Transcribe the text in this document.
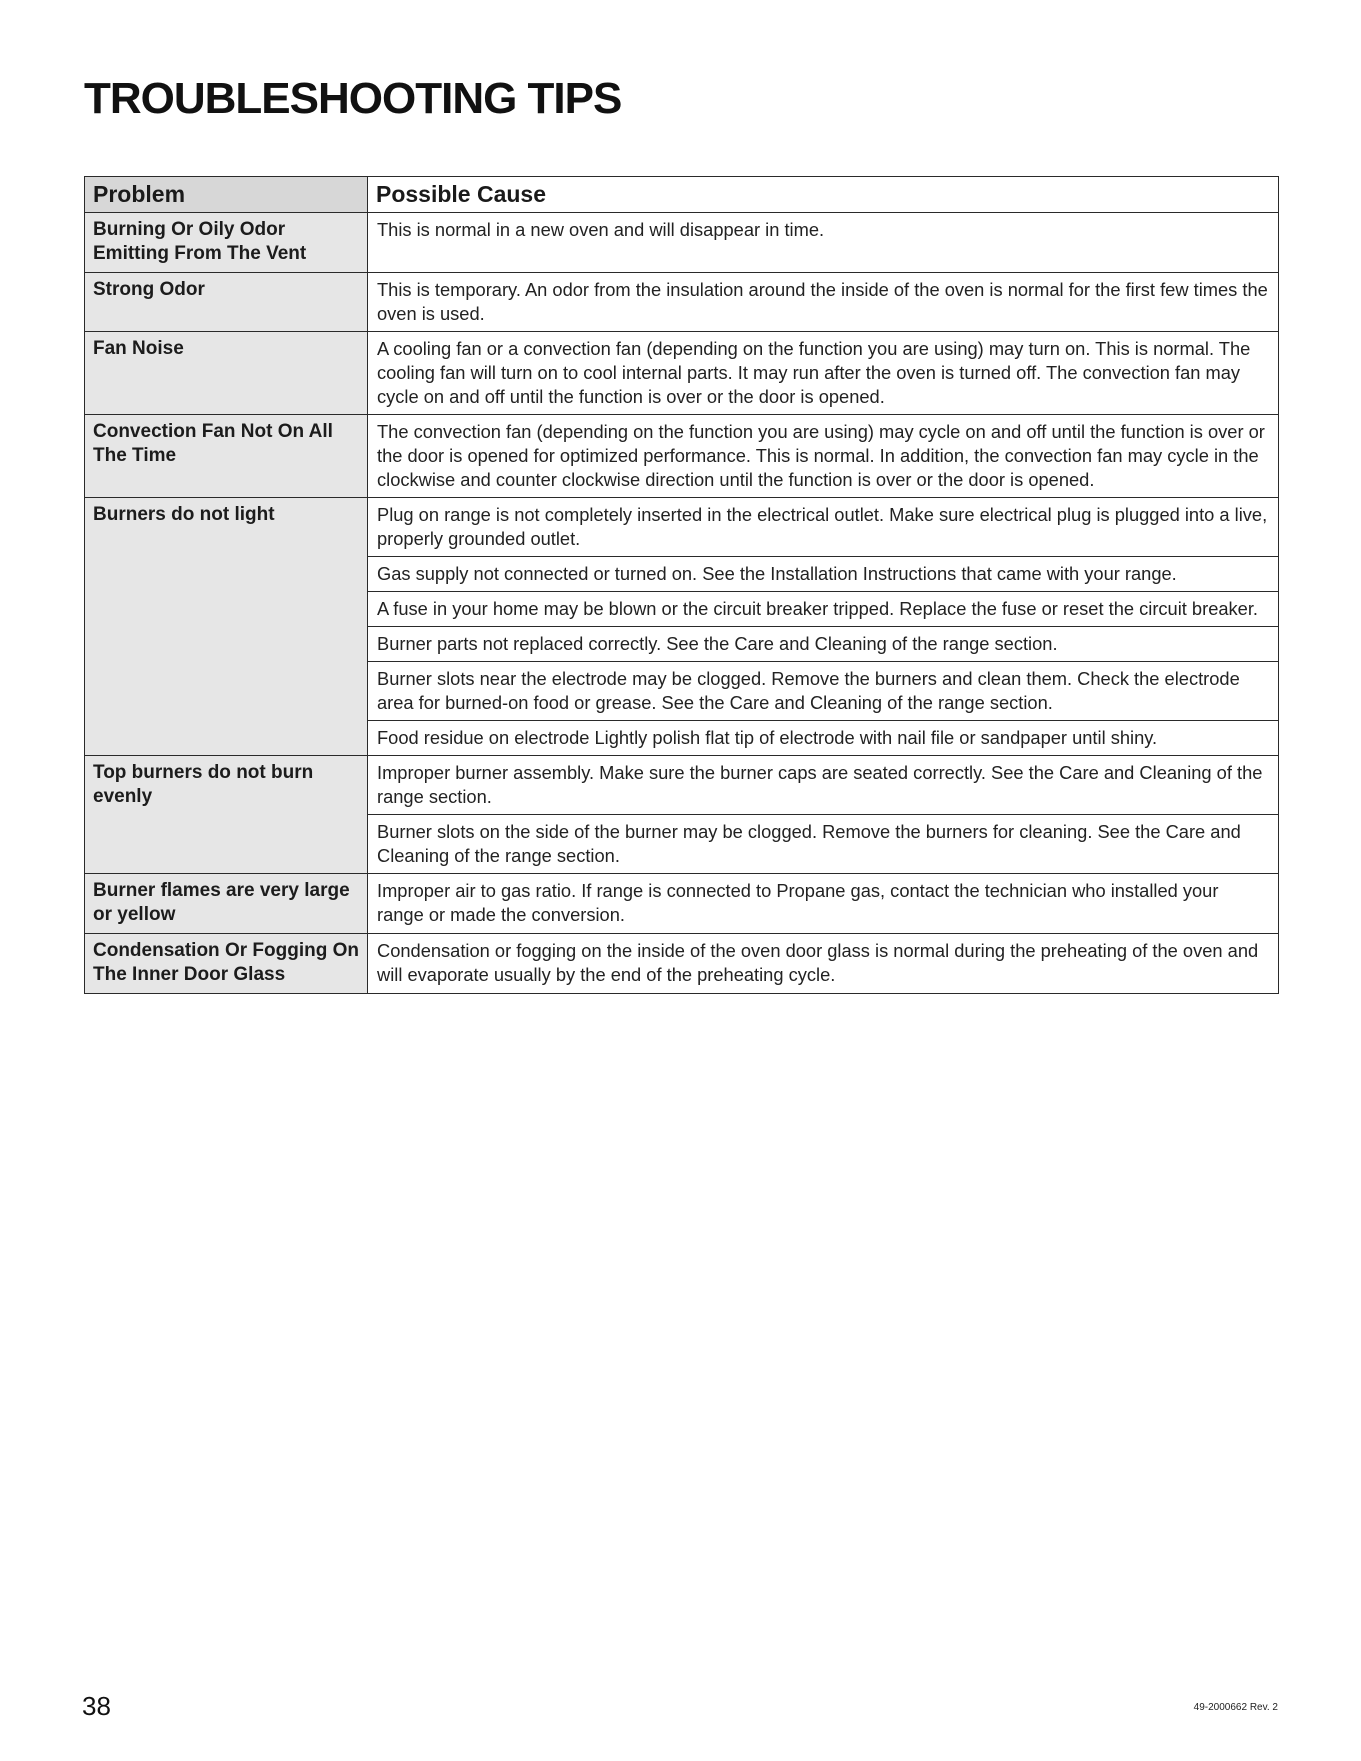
TROUBLESHOOTING TIPS
Problem	Possible Cause
Burning Or Oily Odor Emitting From The Vent	This is normal in a new oven and will disappear in time.
Strong Odor	This is temporary. An odor from the insulation around the inside of the oven is normal for the first few times the oven is used.
Fan Noise	A cooling fan or a convection fan (depending on the function you are using) may turn on. This is normal. The cooling fan will turn on to cool internal parts. It may run after the oven is turned off. The convection fan may cycle on and off until the function is over or the door is opened.
Convection Fan Not On All The Time	The convection fan (depending on the function you are using) may cycle on and off until the function is over or the door is opened for optimized performance. This is normal. In addition, the convection fan may cycle in the clockwise and counter clockwise direction until the function is over or the door is opened.
Burners do not light	Plug on range is not completely inserted in the electrical outlet. Make sure electrical plug is plugged into a live, properly grounded outlet.
	Gas supply not connected or turned on. See the Installation Instructions that came with your range.
	A fuse in your home may be blown or the circuit breaker tripped. Replace the fuse or reset the circuit breaker.
	Burner parts not replaced correctly. See the Care and Cleaning of the range section.
	Burner slots near the electrode may be clogged. Remove the burners and clean them. Check the electrode area for burned-on food or grease. See the Care and Cleaning of the range section.
	Food residue on electrode Lightly polish flat tip of electrode with nail file or sandpaper until shiny.
Top burners do not burn evenly	Improper burner assembly. Make sure the burner caps are seated correctly. See the Care and Cleaning of the range section.
	Burner slots on the side of the burner may be clogged. Remove the burners for cleaning. See the Care and Cleaning of the range section.
Burner flames are very large or yellow	Improper air to gas ratio. If range is connected to Propane gas, contact the technician who installed your range or made the conversion.
Condensation Or Fogging On The Inner Door Glass	Condensation or fogging on the inside of the oven door glass is normal during the preheating of the oven and will evaporate usually by the end of the preheating cycle.
38	49-2000662 Rev. 2
